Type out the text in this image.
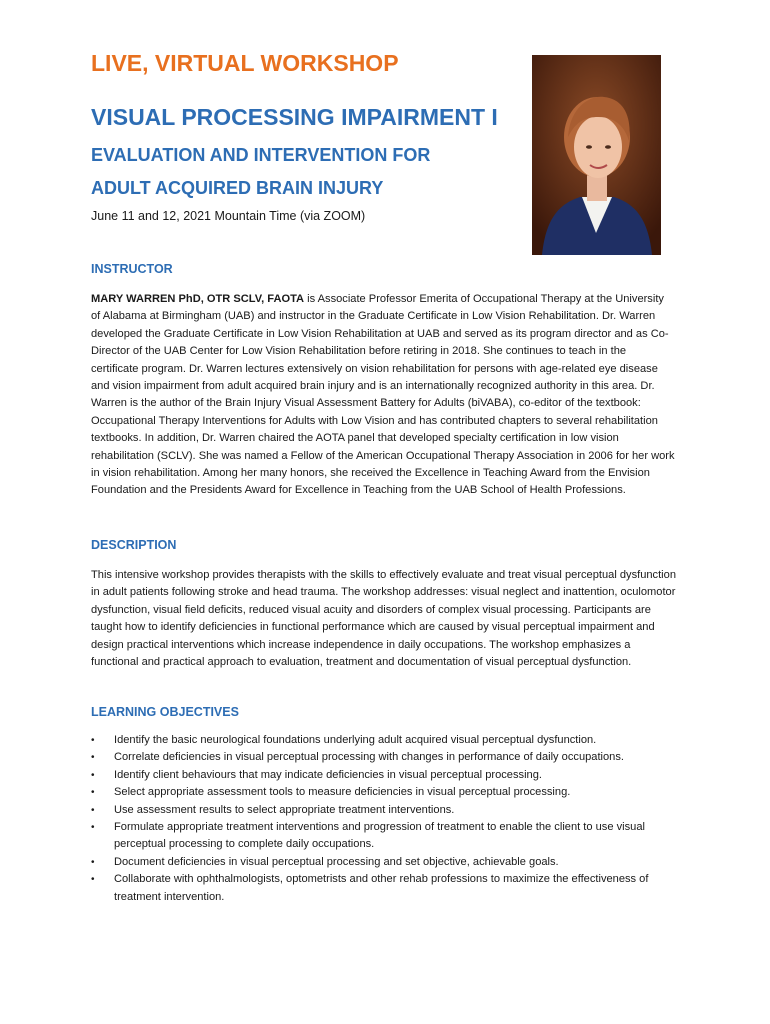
LIVE, VIRTUAL WORKSHOP
VISUAL PROCESSING IMPAIRMENT I
EVALUATION AND INTERVENTION FOR
ADULT ACQUIRED BRAIN INJURY

June 11 and 12, 2021 Mountain Time (via ZOOM)

INSTRUCTOR

MARY WARREN PhD, OTR SCLV, FAOTA is Associate Professor Emerita of Occupational Therapy at the University of Alabama at Birmingham (UAB) and instructor in the Graduate Certificate in Low Vision Rehabilitation. Dr. Warren developed the Graduate Certificate in Low Vision Rehabilitation at UAB and served as its program director and as Co-Director of the UAB Center for Low Vision Rehabilitation before retiring in 2018. She continues to teach in the certificate program. Dr. Warren lectures extensively on vision rehabilitation for persons with age-related eye disease and vision impairment from adult acquired brain injury and is an internationally recognized authority in this area. Dr. Warren is the author of the Brain Injury Visual Assessment Battery for Adults (biVABA), co-editor of the textbook: Occupational Therapy Interventions for Adults with Low Vision and has contributed chapters to several rehabilitation textbooks. In addition, Dr. Warren chaired the AOTA panel that developed specialty certification in low vision rehabilitation (SCLV). She was named a Fellow of the American Occupational Therapy Association in 2006 for her work in vision rehabilitation. Among her many honors, she received the Excellence in Teaching Award from the Envision Foundation and the Presidents Award for Excellence in Teaching from the UAB School of Health Professions.

DESCRIPTION

This intensive workshop provides therapists with the skills to effectively evaluate and treat visual perceptual dysfunction in adult patients following stroke and head trauma. The workshop addresses: visual neglect and inattention, oculomotor dysfunction, visual field deficits, reduced visual acuity and disorders of complex visual processing. Participants are taught how to identify deficiencies in functional performance which are caused by visual perceptual impairment and design practical interventions which increase independence in daily occupations. The workshop emphasizes a functional and practical approach to evaluation, treatment and documentation of visual perceptual dysfunction.

LEARNING OBJECTIVES
• Identify the basic neurological foundations underlying adult acquired visual perceptual dysfunction.
• Correlate deficiencies in visual perceptual processing with changes in performance of daily occupations.
• Identify client behaviours that may indicate deficiencies in visual perceptual processing.
• Select appropriate assessment tools to measure deficiencies in visual perceptual processing.
• Use assessment results to select appropriate treatment interventions.
• Formulate appropriate treatment interventions and progression of treatment to enable the client to use visual perceptual processing to complete daily occupations.
• Document deficiencies in visual perceptual processing and set objective, achievable goals.
• Collaborate with ophthalmologists, optometrists and other rehab professions to maximize the effectiveness of treatment intervention.
